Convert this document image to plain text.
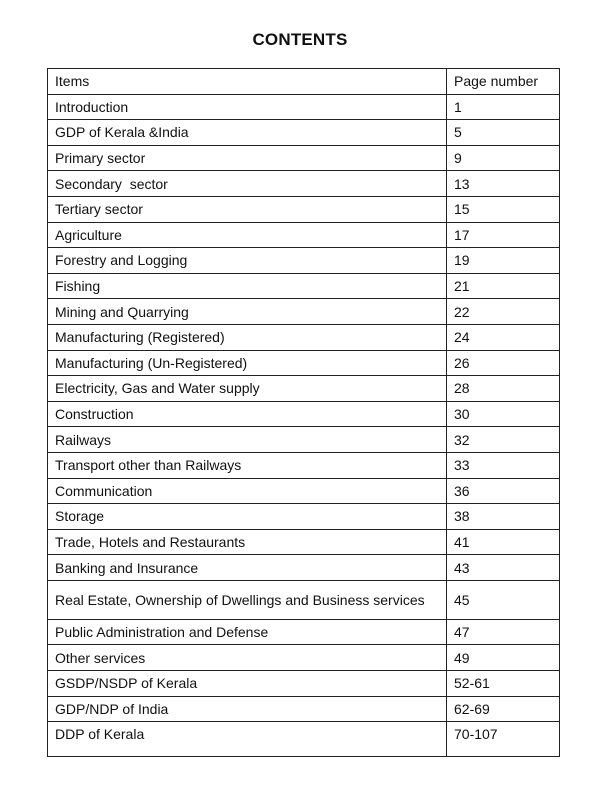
CONTENTS
Items	Page number
Introduction	1
GDP of Kerala &India	5
Primary sector	9
Secondary  sector	13
Tertiary sector	15
Agriculture	17
Forestry and Logging	19
Fishing	21
Mining and Quarrying	22
Manufacturing (Registered)	24
Manufacturing (Un-Registered)	26
Electricity, Gas and Water supply	28
Construction	30
Railways	32
Transport other than Railways	33
Communication	36
Storage	38
Trade, Hotels and Restaurants	41
Banking and Insurance	43
Real Estate, Ownership of Dwellings and Business services	45
Public Administration and Defense	47
Other services	49
GSDP/NSDP of Kerala	52-61
GDP/NDP of India	62-69
DDP of Kerala	70-107
